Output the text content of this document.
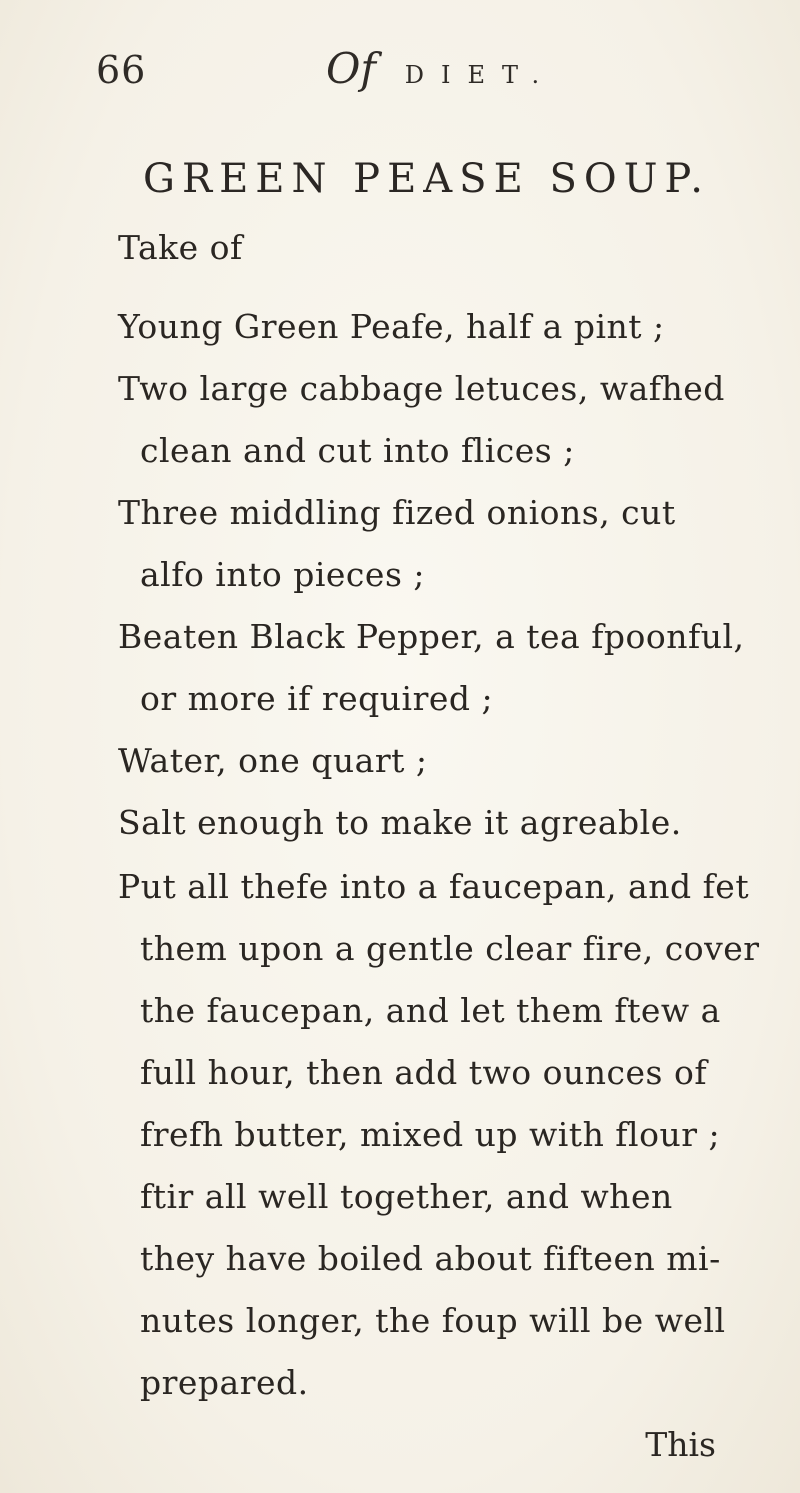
66	Of DIET.
GREEN PEASE SOUP.
Take of
Young Green Peafe, half a pint ;
Two large cabbage letuces, wafhed
clean and cut into flices ;
Three middling fized onions, cut
alfo into pieces ;
Beaten Black Pepper, a tea fpoonful,
or more if required ;
Water, one quart ;
Salt enough to make it agreable.
Put all thefe into a faucepan, and fet
them upon a gentle clear fire, cover
the faucepan, and let them ftew a
full hour, then add two ounces of
frefh butter, mixed up with flour ;
ftir all well together, and when
they have boiled about fifteen mi-
nutes longer, the foup will be well
prepared.
This
